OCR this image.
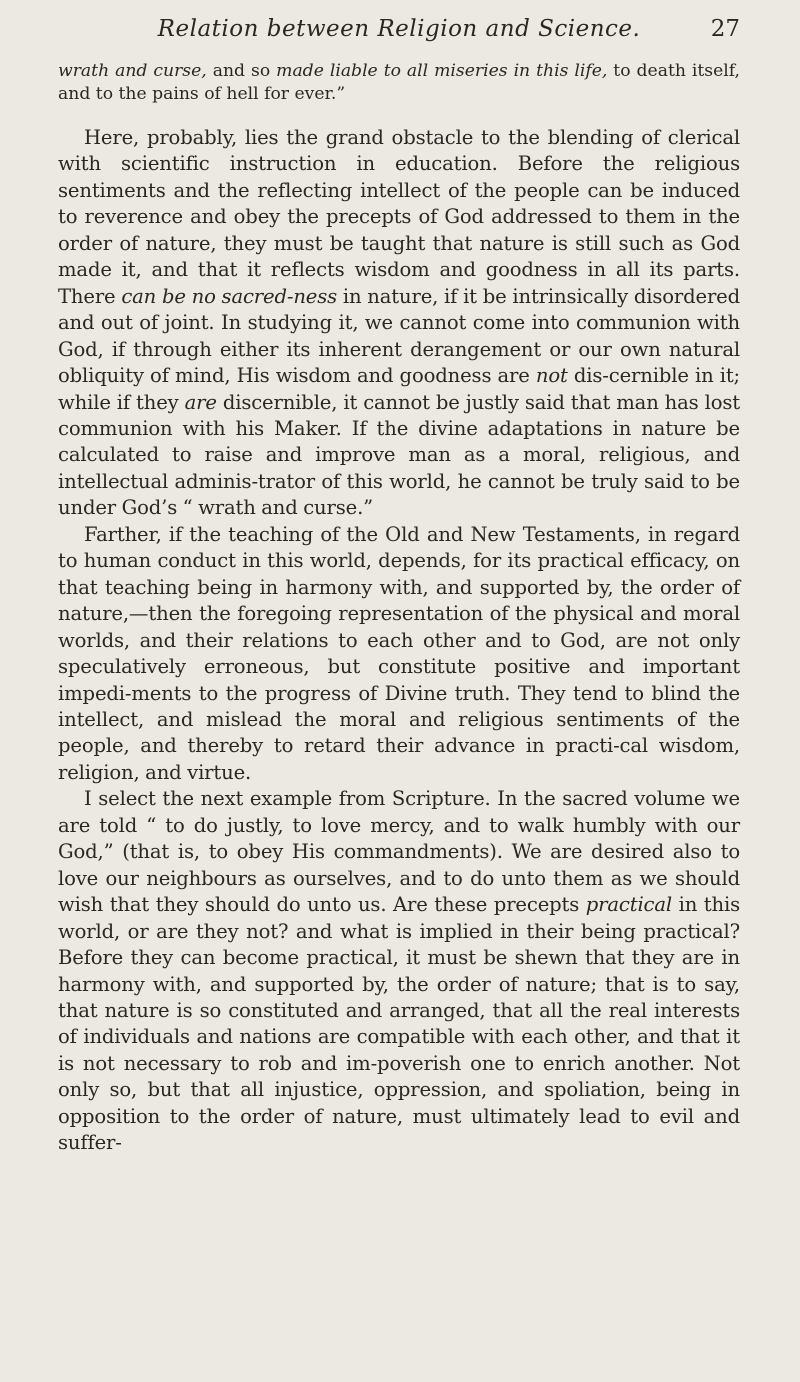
Relation between Religion and Science.	27

wrath and curse, and so made liable to all miseries in this life, to death itself, and to the pains of hell for ever.”

Here, probably, lies the grand obstacle to the blending of clerical with scientific instruction in education. Before the religious sentiments and the reflecting intellect of the people can be induced to reverence and obey the precepts of God addressed to them in the order of nature, they must be taught that nature is still such as God made it, and that it reflects wisdom and goodness in all its parts. There can be no sacred-ness in nature, if it be intrinsically disordered and out of joint. In studying it, we cannot come into communion with God, if through either its inherent derangement or our own natural obliquity of mind, His wisdom and goodness are not dis-cernible in it; while if they are discernible, it cannot be justly said that man has lost communion with his Maker. If the divine adaptations in nature be calculated to raise and improve man as a moral, religious, and intellectual adminis-trator of this world, he cannot be truly said to be under God’s “ wrath and curse.”

Farther, if the teaching of the Old and New Testaments, in regard to human conduct in this world, depends, for its practical efficacy, on that teaching being in harmony with, and supported by, the order of nature,—then the foregoing representation of the physical and moral worlds, and their relations to each other and to God, are not only speculatively erroneous, but constitute positive and important impedi-ments to the progress of Divine truth. They tend to blind the intellect, and mislead the moral and religious sentiments of the people, and thereby to retard their advance in practi-cal wisdom, religion, and virtue.

I select the next example from Scripture. In the sacred volume we are told “ to do justly, to love mercy, and to walk humbly with our God,” (that is, to obey His commandments). We are desired also to love our neighbours as ourselves, and to do unto them as we should wish that they should do unto us. Are these precepts practical in this world, or are they not? and what is implied in their being practical? Before they can become practical, it must be shewn that they are in harmony with, and supported by, the order of nature; that is to say, that nature is so constituted and arranged, that all the real interests of individuals and nations are compatible with each other, and that it is not necessary to rob and im-poverish one to enrich another. Not only so, but that all injustice, oppression, and spoliation, being in opposition to the order of nature, must ultimately lead to evil and suffer-
